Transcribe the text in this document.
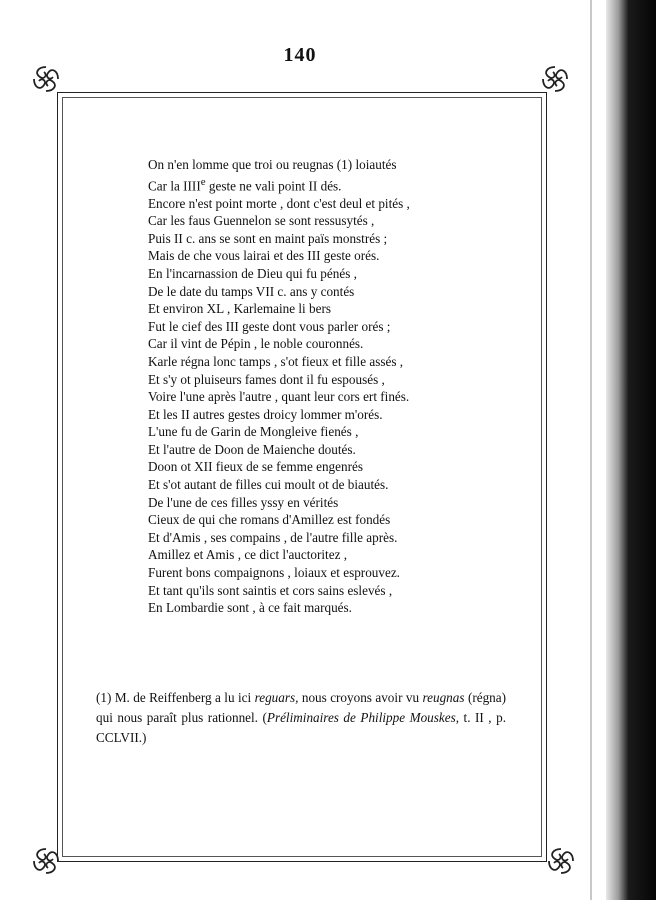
140
On n'en lomme que troi ou reugnas (1) loiautés
Car la IIIIe geste ne vali point II dés.
Encore n'est point morte , dont c'est deul et pités ,
Car les faus Guennelon se sont ressusytés ,
Puis II c. ans se sont en maint païs monstrés ;
Mais de che vous lairai et des III geste orés.
En l'incarnassion de Dieu qui fu pénés ,
De le date du tamps VII c. ans y contés
Et environ XL , Karlemaine li bers
Fut le cief des III geste dont vous parler orés ;
Car il vint de Pépin , le noble couronnés.
Karle régna lonc tamps , s'ot fieux et fille assés ,
Et s'y ot pluiseurs fames dont il fu espousés ,
Voire l'une après l'autre , quant leur cors ert finés.
Et les II autres gestes droicy lommer m'orés.
L'une fu de Garin de Mongleive fienés ,
Et l'autre de Doon de Maienche doutés.
Doon ot XII fieux de se femme engenrés
Et s'ot autant de filles cui moult ot de biautés.
De l'une de ces filles yssy en vérités
Cieux de qui che romans d'Amillez est fondés
Et d'Amis , ses compains , de l'autre fille après.
Amillez et Amis , ce dict l'auctoritez ,
Furent bons compaignons , loiaux et esprouvez.
Et tant qu'ils sont saintis et cors sains eslevés ,
En Lombardie sont , à ce fait marqués.
(1) M. de Reiffenberg a lu ici reguars, nous croyons avoir vu reugnas (régna) qui nous paraît plus rationnel. (Préliminaires de Philippe Mouskes, t. II , p. CCLVII.)
